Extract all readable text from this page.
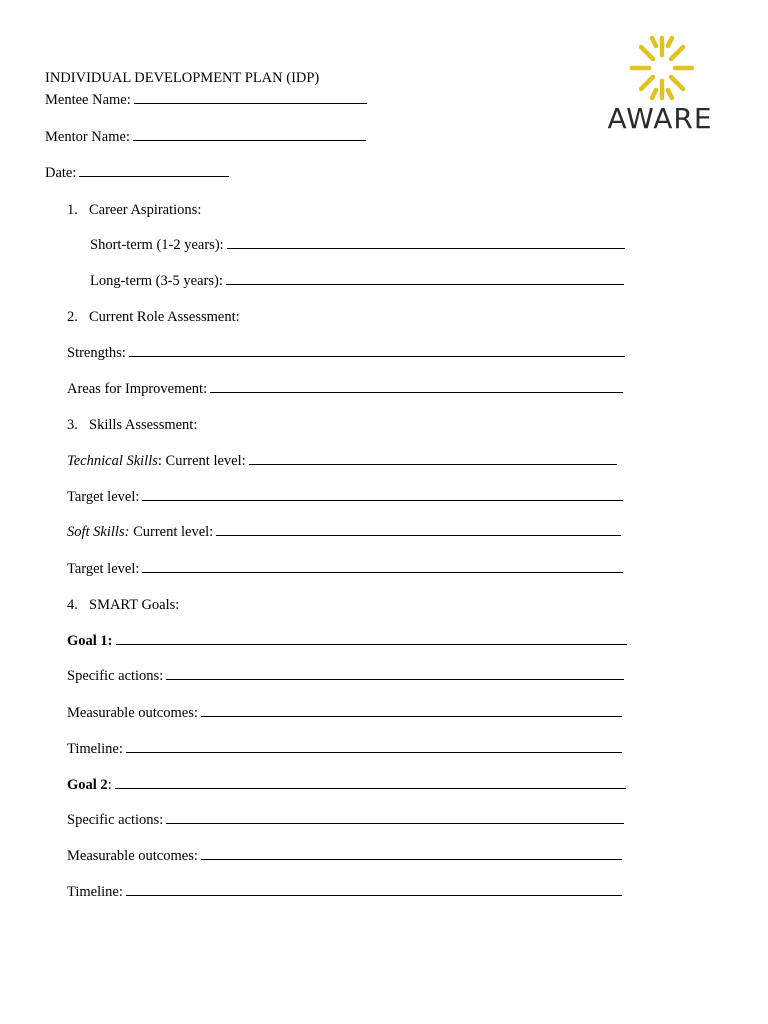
AWARE
INDIVIDUAL DEVELOPMENT PLAN (IDP)
Mentee Name:
Mentor Name:
Date:
1. Career Aspirations:
Short-term (1-2 years):
Long-term (3-5 years):
2. Current Role Assessment:
Strengths:
Areas for Improvement:
3. Skills Assessment:
Technical Skills : Current level:
Target level:
Soft Skills: Current level:
Target level:
4. SMART Goals:
Goal 1:
Specific actions:
Measurable outcomes:
Timeline:
Goal 2 :
Specific actions:
Measurable outcomes:
Timeline:
